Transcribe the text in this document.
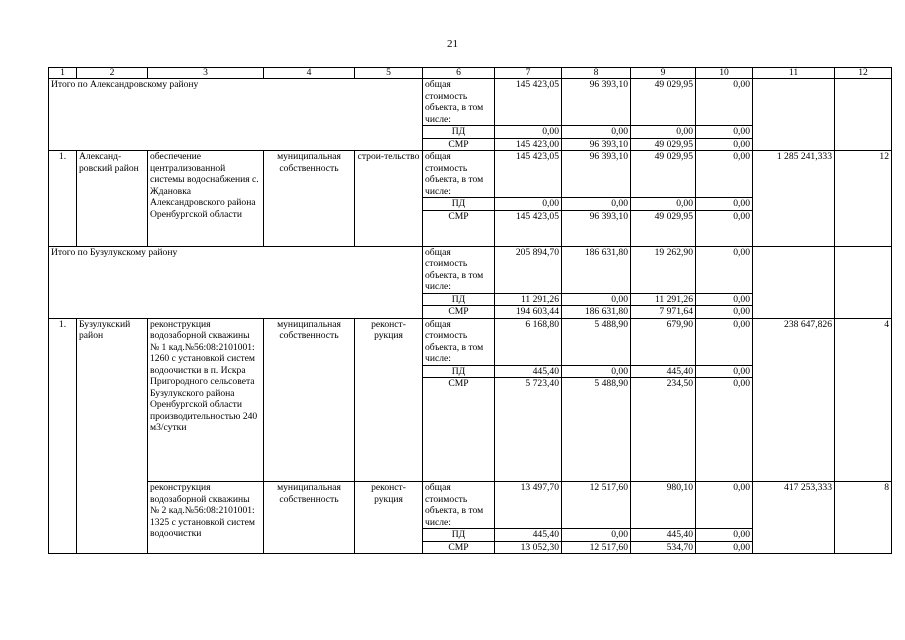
21
1	2	3	4	5	6	7	8	9	10	11	12
Итого по Александровскому району					общая стоимость объекта, в том числе:	145 423,05	96 393,10	49 029,95	0,00		
					ПД	0,00	0,00	0,00	0,00		
					СМР	145 423,00	96 393,10	49 029,95	0,00		
1.	Александ-ровский район	обеспечение централизованной системы водоснабжения с. Ждановка Александровского района Оренбургской области	муниципальная собственность	строи-тельство	общая стоимость объекта, в том числе:	145 423,05	96 393,10	49 029,95	0,00	1 285 241,333	12
					ПД	0,00	0,00	0,00	0,00		
					СМР	145 423,05	96 393,10	49 029,95	0,00		
Итого по Бузулукскому району					общая стоимость объекта, в том числе:	205 894,70	186 631,80	19 262,90	0,00		
					ПД	11 291,26	0,00	11 291,26	0,00		
					СМР	194 603,44	186 631,80	7 971,64	0,00		
1.	Бузулукский район	реконструкция водозаборной скважины № 1 кад.№56:08:2101001: 1260 с установкой систем водоочистки в п. Искра Пригородного сельсовета Бузулукского района Оренбургской области производительностью 240 м3/сутки	муниципальная собственность	реконст-рукция	общая стоимость объекта, в том числе:	6 168,80	5 488,90	679,90	0,00	238 647,826	4
					ПД	445,40	0,00	445,40	0,00		
					СМР	5 723,40	5 488,90	234,50	0,00		
		реконструкция водозаборной скважины № 2 кад.№56:08:2101001: 1325 с установкой систем водоочистки	муниципальная собственность	реконст-рукция	общая стоимость объекта, в том числе:	13 497,70	12 517,60	980,10	0,00	417 253,333	8
					ПД	445,40	0,00	445,40	0,00		
					СМР	13 052,30	12 517,60	534,70	0,00		
